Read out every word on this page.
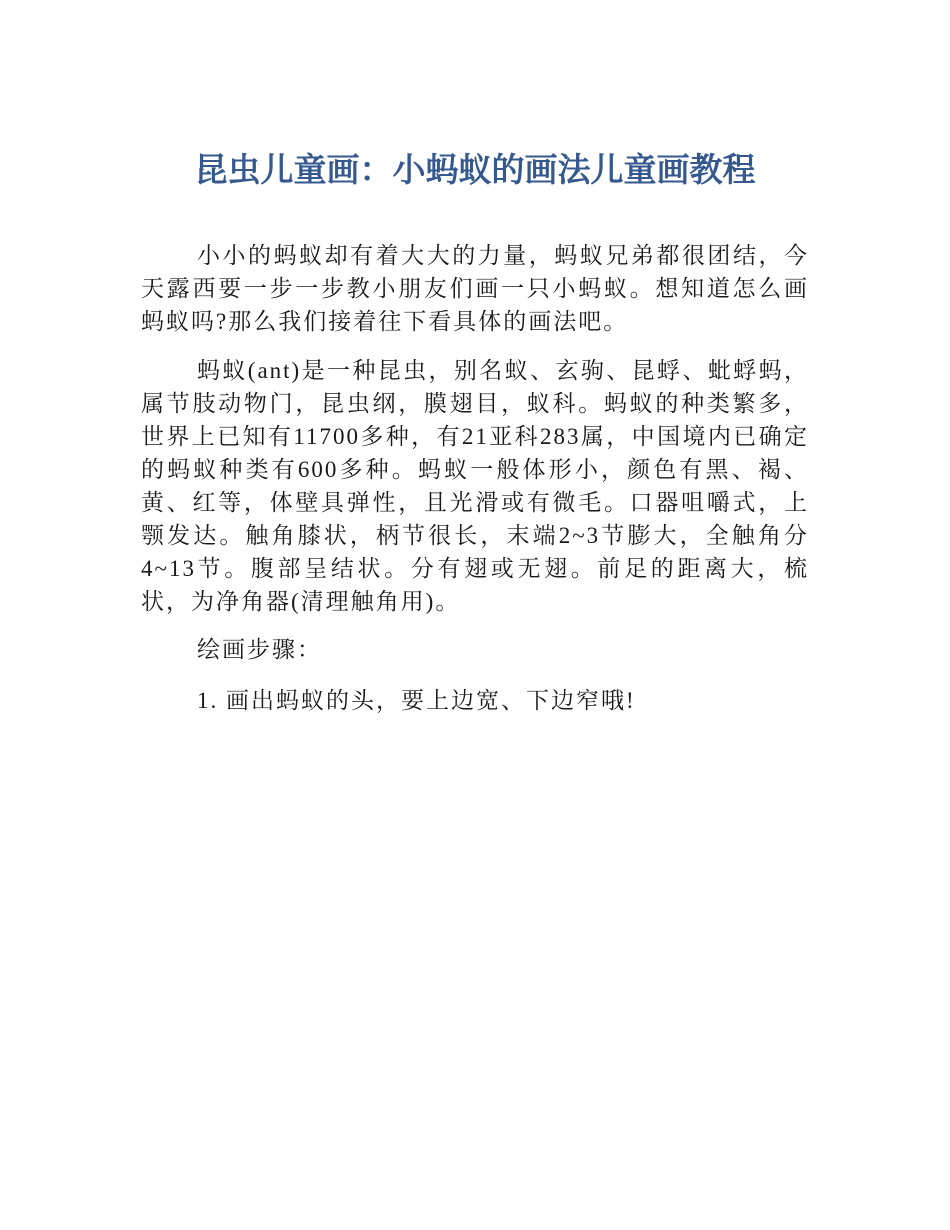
昆虫儿童画：小蚂蚁的画法儿童画教程

小小的蚂蚁却有着大大的力量，蚂蚁兄弟都很团结，今天露西要一步一步教小朋友们画一只小蚂蚁。想知道怎么画蚂蚁吗?那么我们接着往下看具体的画法吧。

蚂蚁(ant)是一种昆虫，别名蚁、玄驹、昆蜉、蚍蜉蚂，属节肢动物门，昆虫纲，膜翅目，蚁科。蚂蚁的种类繁多，世界上已知有11700多种，有21亚科283属，中国境内已确定的蚂蚁种类有600多种。蚂蚁一般体形小，颜色有黑、褐、黄、红等，体壁具弹性，且光滑或有微毛。口器咀嚼式，上颚发达。触角膝状，柄节很长，末端2~3节膨大，全触角分4~13节。腹部呈结状。分有翅或无翅。前足的距离大，梳状，为净角器(清理触角用)。

绘画步骤：

1. 画出蚂蚁的头，要上边宽、下边窄哦!
